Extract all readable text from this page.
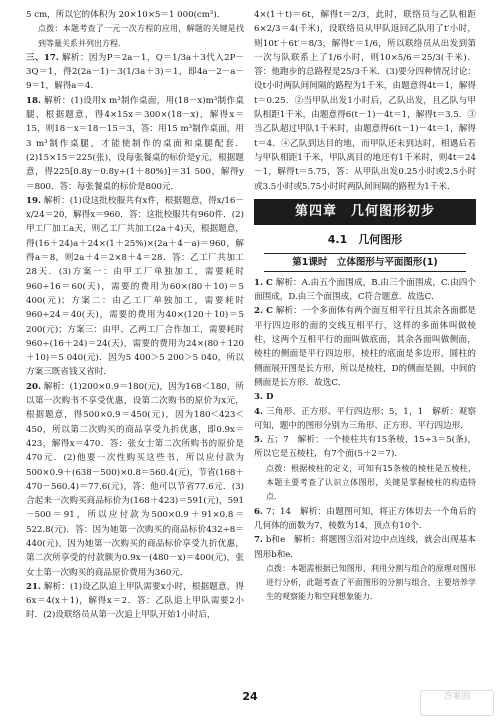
5 cm，所以它的体积为 20×10×5＝1 000(cm³)．

点拨：本题考查了一元一次方程的应用，解题的关键是找到等量关系并列出方程．

三、17. 解析：因为P＝2a－1，Q＝1/3a＋3代入2P－3Q＝1，得2(2a－1)－3(1/3a＋3)＝1，即4a－2－a－9＝1，解得a＝4．

18. 解析：(1)设用x m³制作桌面，用(18－x)m³制作桌腿，根据题意，得4×15x＝300×(18－x)，解得x＝15，则18－x＝18－15＝3，答：用15 m³制作桌面，用3 m³制作桌腿，才能使制作的桌面和桌腿配套．(2)15×15＝225(张)，设每张餐桌的标价是y元，根据题意，得225[0.8y－0.8y÷(1＋80%)]＝31 500，解得y＝800．答：每张餐桌的标价是800元．

19. 解析：(1)设这批校服共有x件，根据题意，得x/16－x/24＝20，解得x＝960．答：这批校服共有960件．(2)甲工厂加工a天，则乙工厂共加工(2a＋4)天，根据题意，得(16＋24)a＋24×(1＋25%)×(2a＋4－a)＝960，解得a＝8，则2a＋4＝2×8＋4＝28．答：乙工厂共加工28天．(3)方案一：由甲工厂单独加工，需要耗时960÷16＝60(天)，需要的费用为60×(80＋10)＝5 400(元)；方案二：由乙工厂单独加工，需要耗时960÷24＝40(天)，需要的费用为40×(120＋10)＝5 200(元)；方案三：由甲、乙两工厂合作加工，需要耗时960÷(16＋24)＝24(天)，需要的费用为24×(80＋120＋10)＝5 040(元)．因为5 400＞5 200＞5 040，所以方案三既省钱又省时．

20. 解析：(1)200×0.9＝180(元)，因为168＜180，所以第一次购书不享受优惠，设第二次购书的原价为x元，根据题意，得500×0.9＝450(元)，因为180＜423＜450，所以第二次购买的商品享受九折优惠，即0.9x＝423，解得x＝470．答：张女士第二次所购书的原价是470元．(2)他要一次性购买这些书，所以应付款为500×0.9＋(638－500)×0.8＝560.4(元)，节省(168＋470－560.4)＝77.6(元)，答：他可以节省77.6元．(3)合起来一次购买商品标价为(168＋423)＝591(元)，591－500＝91，所以应付款为500×0.9＋91×0.8＝522.8(元)．答：因为她第一次购买的商品标价432÷8＝440(元)，因为她第一次购买的商品标价享受九折优惠，第二次所享受的付款额为0.9x－(480－x)＝400(元)，张女士第一次购买的商品原价费用为360元．

21. 解析：(1)设乙队追上甲队需要x小时，根据题意，得6x＝4(x＋1)，解得x＝2．答：乙队追上甲队需要2小时．(2)设联络员从第一次追上甲队开始1小时后，

4×(1＋t)＝6t，解得t＝2/3，此时，联络员与乙队相距6×2/3＝4(千米)，设联络员从甲队返回乙队用了t′小时，则10t′＋6t′＝8/3，解得t′＝1/6，所以联络员从出发到第一次与队联系上了1/6小时，则10×5/6＝25/3(千米)．答：他跑步的总路程是25/3千米．(3)要分四种情况讨论：设t小时两队间间隔的路程为1千米，由题意得4t＝1，解得t＝0.25．②当甲队出发1小时后，乙队出发，且乙队与甲队相距1千米，由题意得6(t－1)－4t＝1，解得t＝3.5．③当乙队超过甲队1千米时，由题意得6(t－1)－4t＝1，解得t＝4．④乙队到达目的地，而甲队还未到达时，相遇后若与甲队相距1千米，甲队离目的地还有1千米时，则4t＝24－1，解得t＝5.75，答：从甲队出发0.25小时或2.5小时或3.5小时或5.75小时时两队间间隔的路程为1千米．

第四章　几何图形初步
4.1　几何图形
第1课时　立体图形与平面图形(1)

1. C 解析：A.由五个面围成，B.由三个面围成，C.由四个面围成，D.由三个面围成，C符合题意．故选C．

2. C 解析：一个多面体有两个面互相平行且其余各面都是平行四边形的面的交线互相平行，这样的多面体叫做棱柱，这两个互相平行的面叫做底面，其余各面叫做侧面，棱柱的侧面是平行四边形，棱柱的底面是多边形，圆柱的侧面展开图是长方形，所以是棱柱，D的侧面是圆，中间的侧面是长方形．故选C．

3. D

4. 三角形、正方形、平行四边形；5，1，1　解析：观察可知，题中的图形分别为三角形、正方形、平行四边形．

5. 五；7　解析：一个棱柱共有15条棱，15÷3＝5(条)，所以它是五棱柱，有7个面(5＋2＝7)．

点拨：根据棱柱的定义，可知有15条棱的棱柱是五棱柱，本题主要考查了认识立体图形，关键是掌握棱柱的构造特点．

6. 7；14　解析：由题图可知，将正方体切去一个角后的几何体的面数为7，棱数为14，顶点有10个．

7. b和e　解析：将题图③沿对边中点连线，就会出现基本图形b和e．

点拨：本题需根据已知图形，利用分割与组合的原理对图形进行分析，此题考查了平面图形的分割与组合，主要培养学生的观察能力和空间想象能力．

24	答案圈
